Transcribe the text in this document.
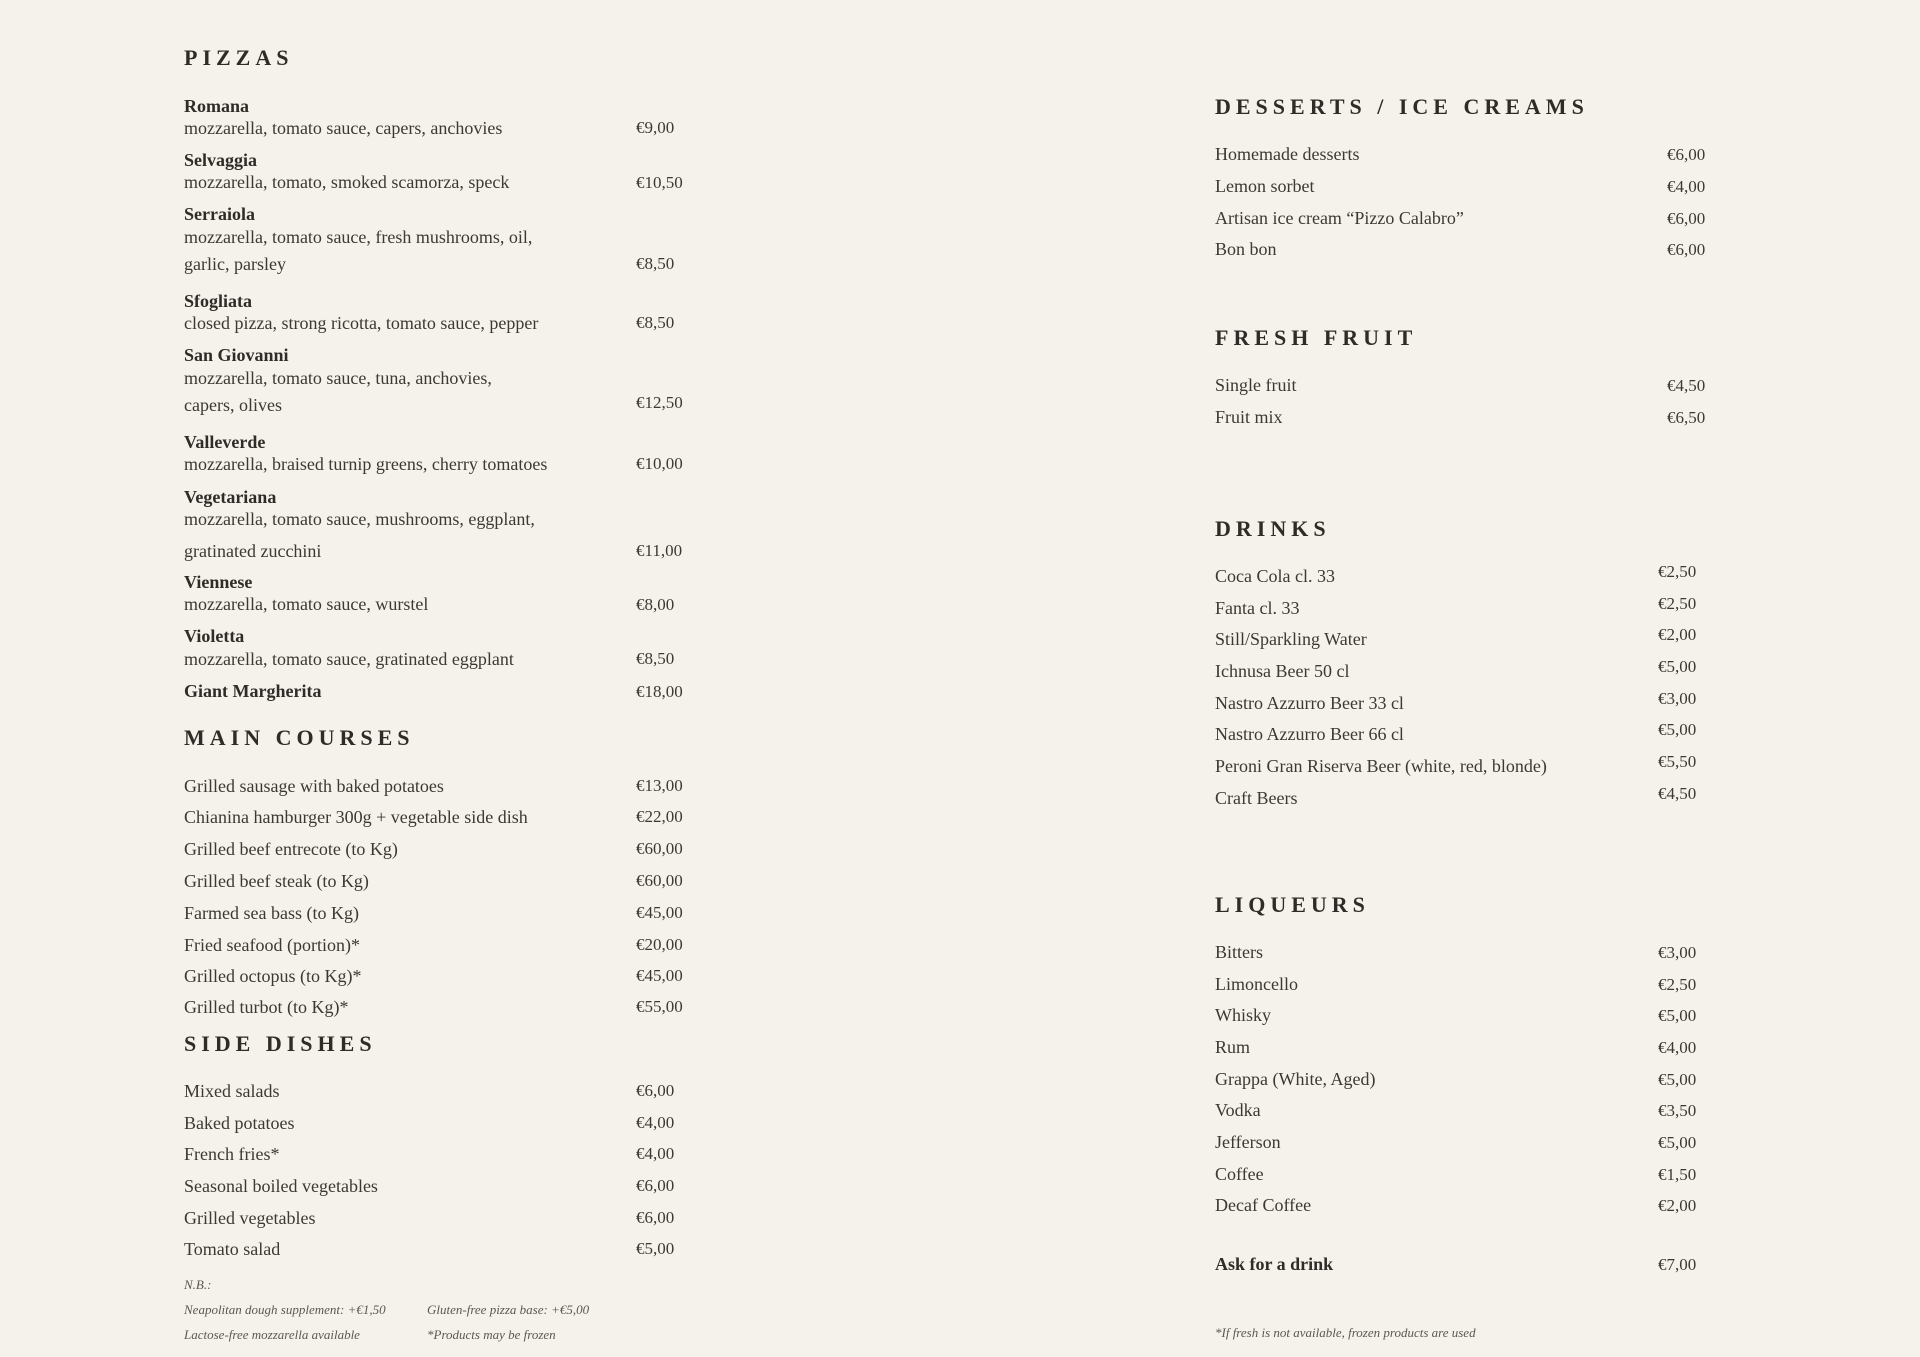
PIZZAS
Romana
mozzarella, tomato sauce, capers, anchovies	€9,00
Selvaggia
mozzarella, tomato, smoked scamorza, speck	€10,50
Serraiola
mozzarella, tomato sauce, fresh mushrooms, oil,
garlic, parsley	€8,50
Sfogliata
closed pizza, strong ricotta, tomato sauce, pepper	€8,50
San Giovanni
mozzarella, tomato sauce, tuna, anchovies,
capers, olives	€12,50
Valleverde
mozzarella, braised turnip greens, cherry tomatoes	€10,00
Vegetariana
mozzarella, tomato sauce, mushrooms, eggplant,
gratinated zucchini	€11,00
Viennese
mozzarella, tomato sauce, wurstel	€8,00
Violetta
mozzarella, tomato sauce, gratinated eggplant	€8,50
Giant Margherita	€18,00
MAIN COURSES
Grilled sausage with baked potatoes	€13,00
Chianina hamburger 300g + vegetable side dish	€22,00
Grilled beef entrecote (to Kg)	€60,00
Grilled beef steak (to Kg)	€60,00
Farmed sea bass (to Kg)	€45,00
Fried seafood (portion)*	€20,00
Grilled octopus (to Kg)*	€45,00
Grilled turbot (to Kg)*	€55,00
SIDE DISHES
Mixed salads	€6,00
Baked potatoes	€4,00
French fries*	€4,00
Seasonal boiled vegetables	€6,00
Grilled vegetables	€6,00
Tomato salad	€5,00
N.B.:
Neapolitan dough supplement: +€1,50	Gluten-free pizza base: +€5,00
Lactose-free mozzarella available	*Products may be frozen
DESSERTS / ICE CREAMS
Homemade desserts	€6,00
Lemon sorbet	€4,00
Artisan ice cream “Pizzo Calabro”	€6,00
Bon bon	€6,00
FRESH FRUIT
Single fruit	€4,50
Fruit mix	€6,50
DRINKS
Coca Cola cl. 33	€2,50
Fanta cl. 33	€2,50
Still/Sparkling Water	€2,00
Ichnusa Beer 50 cl	€5,00
Nastro Azzurro Beer 33 cl	€3,00
Nastro Azzurro Beer 66 cl	€5,00
Peroni Gran Riserva Beer (white, red, blonde)	€5,50
Craft Beers	€4,50
LIQUEURS
Bitters	€3,00
Limoncello	€2,50
Whisky	€5,00
Rum	€4,00
Grappa (White, Aged)	€5,00
Vodka	€3,50
Jefferson	€5,00
Coffee	€1,50
Decaf Coffee	€2,00
Ask for a drink	€7,00
*If fresh is not available, frozen products are used
